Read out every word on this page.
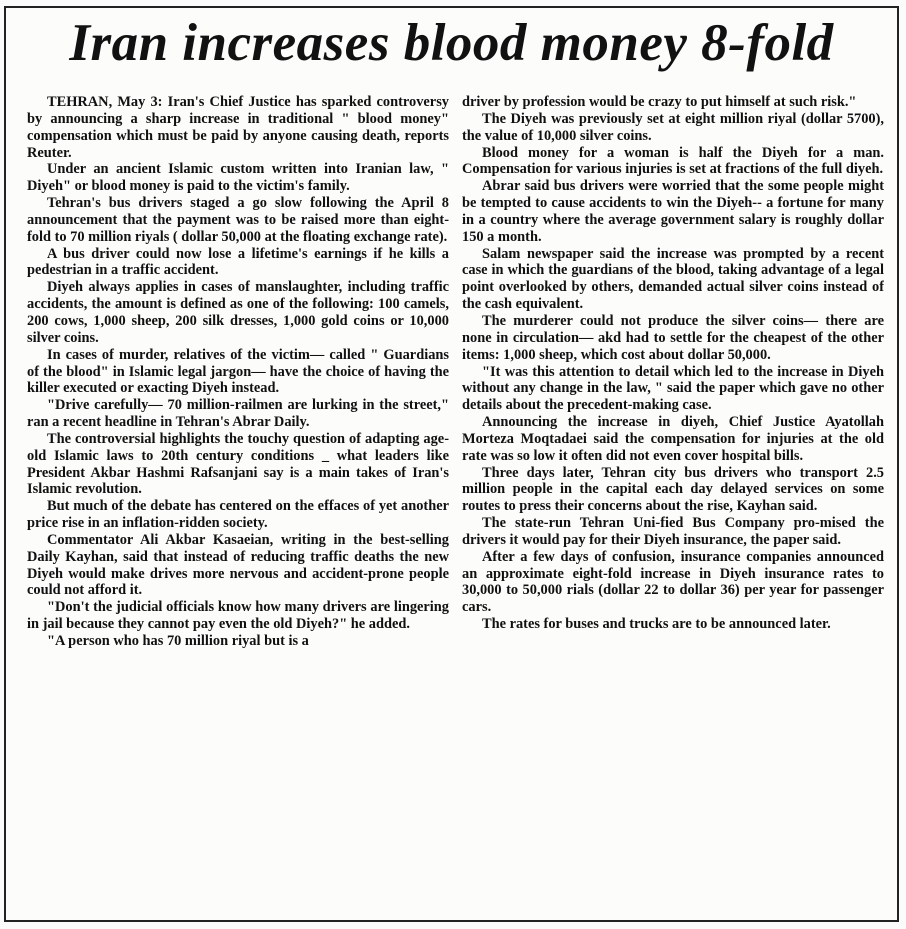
Iran increases blood money 8-fold

TEHRAN, May 3: Iran's Chief Justice has sparked controversy by announcing a sharp increase in traditional " blood money" compensation which must be paid by anyone causing death, reports Reuter.

Under an ancient Islamic custom written into Iranian law, " Diyeh" or blood money is paid to the victim's family.

Tehran's bus drivers staged a go slow following the April 8 announcement that the payment was to be raised more than eight-fold to 70 million riyals ( dollar 50,000 at the floating exchange rate).

A bus driver could now lose a lifetime's earnings if he kills a pedestrian in a traffic accident.

Diyeh always applies in cases of manslaughter, including traffic accidents, the amount is defined as one of the following: 100 camels, 200 cows, 1,000 sheep, 200 silk dresses, 1,000 gold coins or 10,000 silver coins.

In cases of murder, relatives of the victim— called " Guardians of the blood" in Islamic legal jargon— have the choice of having the killer executed or exacting Diyeh instead.

"Drive carefully— 70 million-railmen are lurking in the street," ran a recent headline in Tehran's Abrar Daily.

The controversial highlights the touchy question of adapting age-old Islamic laws to 20th century conditions _ what leaders like President Akbar Hashmi Rafsanjani say is a main takes of Iran's Islamic revolution.

But much of the debate has centered on the effaces of yet another price rise in an inflation-ridden society.

Commentator Ali Akbar Kasaeian, writing in the best-selling Daily Kayhan, said that instead of reducing traffic deaths the new Diyeh would make drives more nervous and accident-prone people could not afford it.

"Don't the judicial officials know how many drivers are lingering in jail because they cannot pay even the old Diyeh?" he added.

"A person who has 70 million riyal but is a

driver by profession would be crazy to put himself at such risk."

The Diyeh was previously set at eight million riyal (dollar 5700), the value of 10,000 silver coins.

Blood money for a woman is half the Diyeh for a man. Compensation for various injuries is set at fractions of the full diyeh.

Abrar said bus drivers were worried that the some people might be tempted to cause accidents to win the Diyeh-- a fortune for many in a country where the average government salary is roughly dollar 150 a month.

Salam newspaper said the increase was prompted by a recent case in which the guardians of the blood, taking advantage of a legal point overlooked by others, demanded actual silver coins instead of the cash equivalent.

The murderer could not produce the silver coins— there are none in circulation— akd had to settle for the cheapest of the other items: 1,000 sheep, which cost about dollar 50,000.

"It was this attention to detail which led to the increase in Diyeh without any change in the law, " said the paper which gave no other details about the precedent-making case.

Announcing the increase in diyeh, Chief Justice Ayatollah Morteza Moqtadaei said the compensation for injuries at the old rate was so low it often did not even cover hospital bills.

Three days later, Tehran city bus drivers who transport 2.5 million people in the capital each day delayed services on some routes to press their concerns about the rise, Kayhan said.

The state-run Tehran Uni-fied Bus Company pro-mised the drivers it would pay for their Diyeh insurance, the paper said.

After a few days of confusion, insurance companies announced an approximate eight-fold increase in Diyeh insurance rates to 30,000 to 50,000 rials (dollar 22 to dollar 36) per year for passenger cars.

The rates for buses and trucks are to be announced later.
